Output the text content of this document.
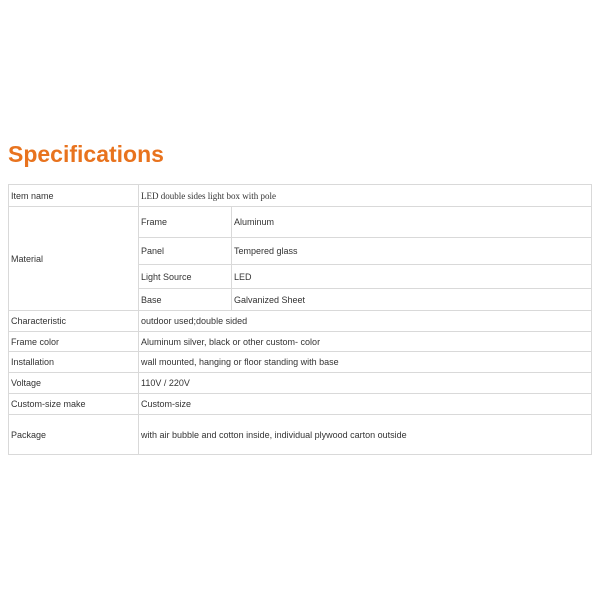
Specifications
Item name	LED double sides light box with pole	
Material	Frame	Aluminum
	Panel	Tempered glass
	Light Source	LED
	Base	Galvanized Sheet
Characteristic	outdoor used;double sided	
Frame color	Aluminum silver, black or other custom- color	
Installation	wall mounted, hanging or floor standing with base	
Voltage	110V / 220V	
Custom-size make	Custom-size	
Package	with air bubble and cotton inside, individual plywood carton outside	
